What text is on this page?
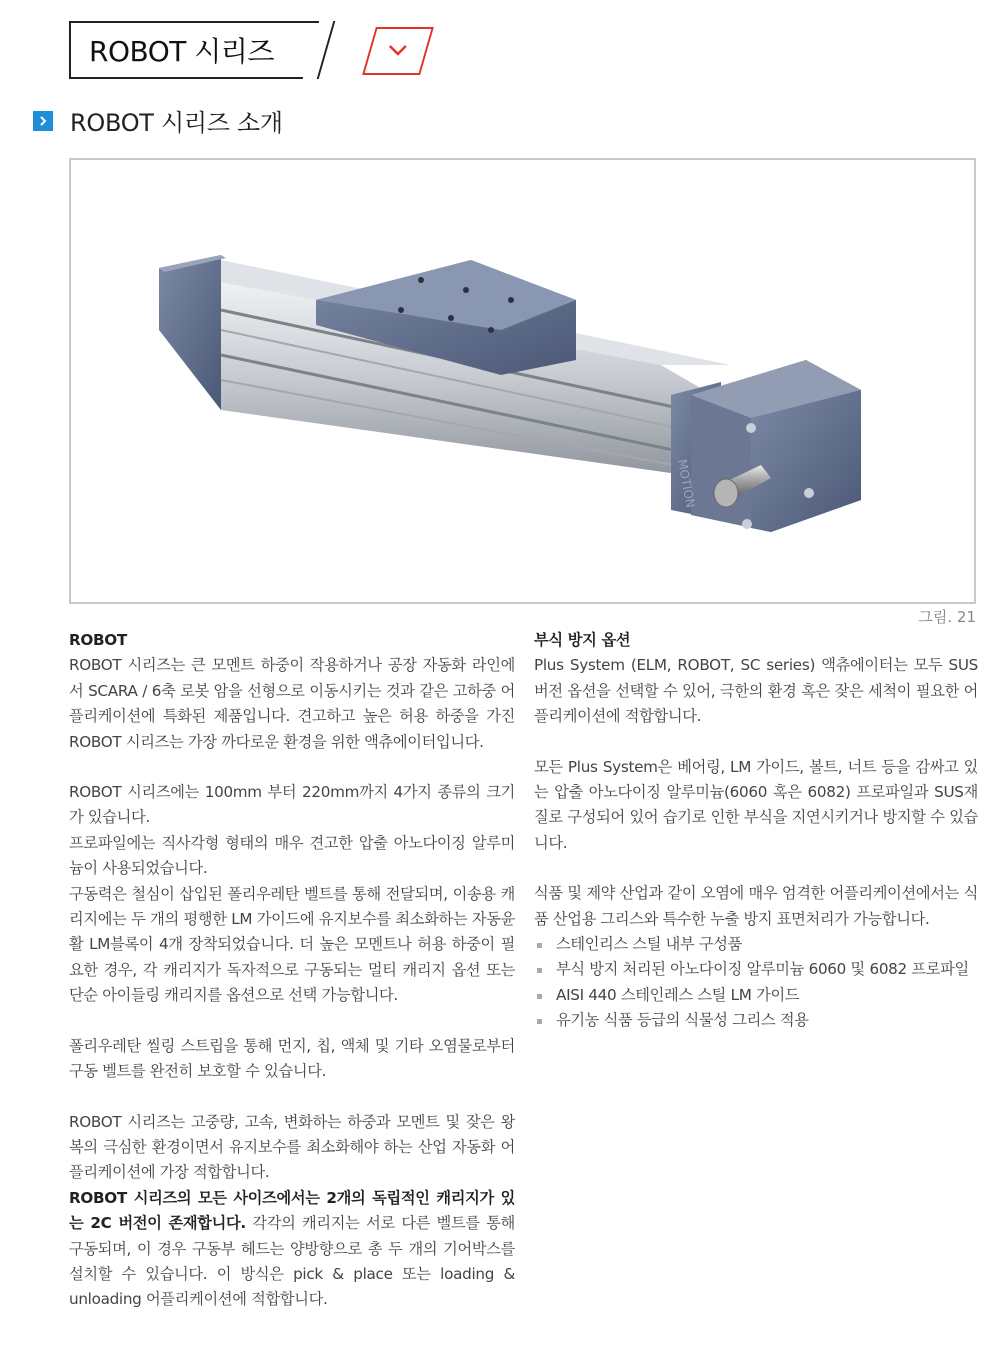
ROBOT 시리즈
ROBOT 시리즈 소개
MOTION
그림. 21

ROBOT

ROBOT 시리즈는 큰 모멘트 하중이 작용하거나 공장 자동화 라인에서 SCARA / 6축 로봇 암을 선형으로 이동시키는 것과 같은 고하중 어플리케이션에 특화된 제품입니다. 견고하고 높은 허용 하중을 가진 ROBOT 시리즈는 가장 까다로운 환경을 위한 액츄에이터입니다.

ROBOT 시리즈에는 100mm 부터 220mm까지 4가지 종류의 크기가 있습니다.

프로파일에는 직사각형 형태의 매우 견고한 압출 아노다이징 알루미늄이 사용되었습니다.

구동력은 철심이 삽입된 폴리우레탄 벨트를 통해 전달되며, 이송용 캐리지에는 두 개의 평행한 LM 가이드에 유지보수를 최소화하는 자동윤활 LM블록이 4개 장착되었습니다. 더 높은 모멘트나 허용 하중이 필요한 경우, 각 캐리지가 독자적으로 구동되는 멀티 캐리지 옵션 또는 단순 아이들링 캐리지를 옵션으로 선택 가능합니다.

폴리우레탄 씰링 스트립을 통해 먼지, 칩, 액체 및 기타 오염물로부터 구동 벨트를 완전히 보호할 수 있습니다.

ROBOT 시리즈는 고중량, 고속, 변화하는 하중과 모멘트 및 잦은 왕복의 극심한 환경이면서 유지보수를 최소화해야 하는 산업 자동화 어플리케이션에 가장 적합합니다.

ROBOT 시리즈의 모든 사이즈에서는 2개의 독립적인 캐리지가 있는 2C 버전이 존재합니다. 각각의 캐리지는 서로 다른 벨트를 통해 구동되며, 이 경우 구동부 헤드는 양방향으로 총 두 개의 기어박스를 설치할 수 있습니다. 이 방식은 pick & place 또는 loading & unloading 어플리케이션에 적합합니다.

부식 방지 옵션

Plus System (ELM, ROBOT, SC series) 액츄에이터는 모두 SUS 버전 옵션을 선택할 수 있어, 극한의 환경 혹은 잦은 세척이 필요한 어플리케이션에 적합합니다.

모든 Plus System은 베어링, LM 가이드, 볼트, 너트 등을 감싸고 있는 압출 아노다이징 알루미늄(6060 혹은 6082) 프로파일과 SUS재질로 구성되어 있어 습기로 인한 부식을 지연시키거나 방지할 수 있습니다.

식품 및 제약 산업과 같이 오염에 매우 엄격한 어플리케이션에서는 식품 산업용 그리스와 특수한 누출 방지 표면처리가 가능합니다.

스테인리스 스틸 내부 구성품
부식 방지 처리된 아노다이징 알루미늄 6060 및 6082 프로파일
AISI 440 스테인레스 스틸 LM 가이드
유기농 식품 등급의 식물성 그리스 적용
